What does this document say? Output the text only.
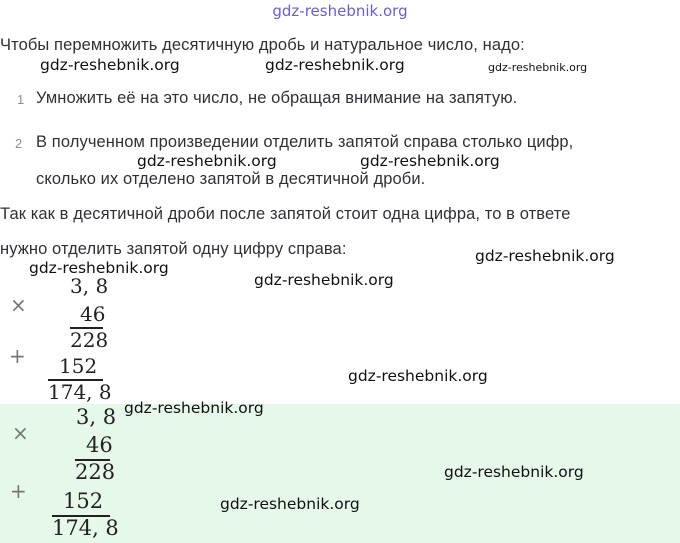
gdz-reshebnik.org
Чтобы перемножить десятичную дробь и натуральное число, надо:
gdz-reshebnik.org	gdz-reshebnik.org	gdz-reshebnik.org
1 Умножить её на это число, не обращая внимание на запятую.
2 В полученном произведении отделить запятой справа столько цифр,
gdz-reshebnik.org	gdz-reshebnik.org
сколько их отделено запятой в десятичной дроби.
Так как в десятичной дроби после запятой стоит одна цифра, то в ответе
нужно отделить запятой одну цифру справа:
gdz-reshebnik.org
gdz-reshebnik.org
gdz-reshebnik.org
×
3, 8
46
228
+ 152
174, 8
gdz-reshebnik.org
×
3, 8
46
228
+ 152
174, 8
gdz-reshebnik.org
gdz-reshebnik.org
gdz-reshebnik.org
